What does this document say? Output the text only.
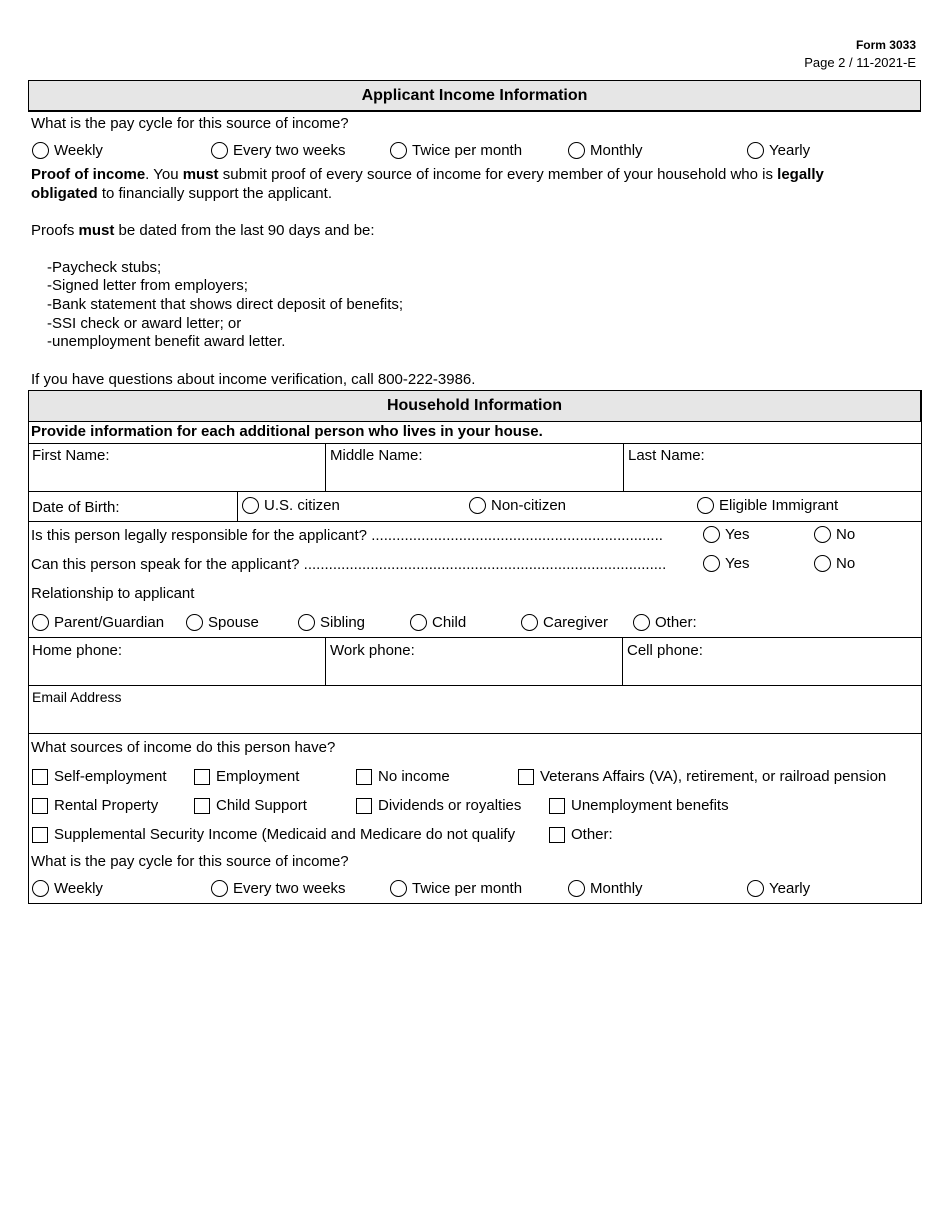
Form 3033
Page 2 / 11-2021-E
Applicant Income Information
What is the pay cycle for this source of income?
Weekly	Every two weeks	Twice per month	Monthly	Yearly
Proof of income. You must submit proof of every source of income for every member of your household who is legally
obligated to financially support the applicant.
Proofs must be dated from the last 90 days and be:
-Paycheck stubs;
-Signed letter from employers;
-Bank statement that shows direct deposit of benefits;
-SSI check or award letter; or
-unemployment benefit award letter.
If you have questions about income verification, call 800-222-3986.
Household Information
Provide information for each additional person who lives in your house.
First Name:	Middle Name:	Last Name:
Date of Birth:	U.S. citizen	Non-citizen	Eligible Immigrant
Is this person legally responsible for the applicant? ......................................................................	Yes	No
Can this person speak for the applicant? .......................................................................................	Yes	No
Relationship to applicant
Parent/Guardian	Spouse	Sibling	Child	Caregiver	Other:
Home phone:	Work phone:	Cell phone:
Email Address
What sources of income do this person have?
Self-employment	Employment	No income	Veterans Affairs (VA), retirement, or railroad pension
Rental Property	Child Support	Dividends or royalties	Unemployment benefits
Supplemental Security Income (Medicaid and Medicare do not qualify	Other:
What is the pay cycle for this source of income?
Weekly	Every two weeks	Twice per month	Monthly	Yearly
